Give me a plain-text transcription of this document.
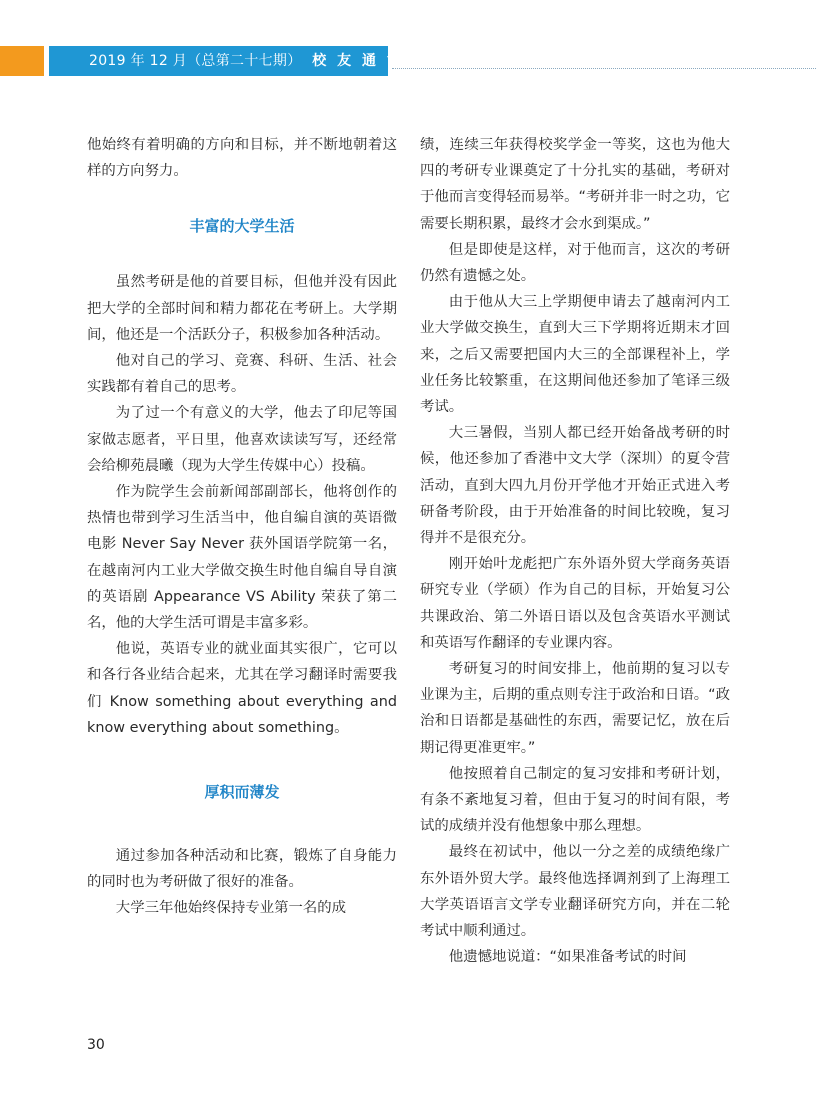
2019 年 12 月（总第二十七期） 校 友 通 讯

他始终有着明确的方向和目标，并不断地朝着这样的方向努力。

丰富的大学生活

虽然考研是他的首要目标，但他并没有因此把大学的全部时间和精力都花在考研上。大学期间，他还是一个活跃分子，积极参加各种活动。

他对自己的学习、竞赛、科研、生活、社会实践都有着自己的思考。

为了过一个有意义的大学，他去了印尼等国家做志愿者，平日里，他喜欢读读写写，还经常会给柳苑晨曦（现为大学生传媒中心）投稿。

作为院学生会前新闻部副部长，他将创作的热情也带到学习生活当中，他自编自演的英语微电影 Never Say Never 获外国语学院第一名，在越南河内工业大学做交换生时他自编自导自演的英语剧 Appearance VS Ability 荣获了第二名，他的大学生活可谓是丰富多彩。

他说，英语专业的就业面其实很广，它可以和各行各业结合起来，尤其在学习翻译时需要我们 Know something about everything and know everything about something。

厚积而薄发

通过参加各种活动和比赛，锻炼了自身能力的同时也为考研做了很好的准备。

大学三年他始终保持专业第一名的成

绩，连续三年获得校奖学金一等奖，这也为他大四的考研专业课奠定了十分扎实的基础，考研对于他而言变得轻而易举。“考研并非一时之功，它需要长期积累，最终才会水到渠成。”

但是即使是这样，对于他而言，这次的考研仍然有遗憾之处。

由于他从大三上学期便申请去了越南河内工业大学做交换生，直到大三下学期将近期末才回来，之后又需要把国内大三的全部课程补上，学业任务比较繁重，在这期间他还参加了笔译三级考试。

大三暑假，当别人都已经开始备战考研的时候，他还参加了香港中文大学（深圳）的夏令营活动，直到大四九月份开学他才开始正式进入考研备考阶段，由于开始准备的时间比较晚，复习得并不是很充分。

刚开始叶龙彪把广东外语外贸大学商务英语研究专业（学硕）作为自己的目标，开始复习公共课政治、第二外语日语以及包含英语水平测试和英语写作翻译的专业课内容。

考研复习的时间安排上，他前期的复习以专业课为主，后期的重点则专注于政治和日语。“政治和日语都是基础性的东西，需要记忆，放在后期记得更准更牢。”

他按照着自己制定的复习安排和考研计划，有条不紊地复习着，但由于复习的时间有限，考试的成绩并没有他想象中那么理想。

最终在初试中，他以一分之差的成绩绝缘广东外语外贸大学。最终他选择调剂到了上海理工大学英语语言文学专业翻译研究方向，并在二轮考试中顺利通过。

他遗憾地说道：“如果准备考试的时间

30
